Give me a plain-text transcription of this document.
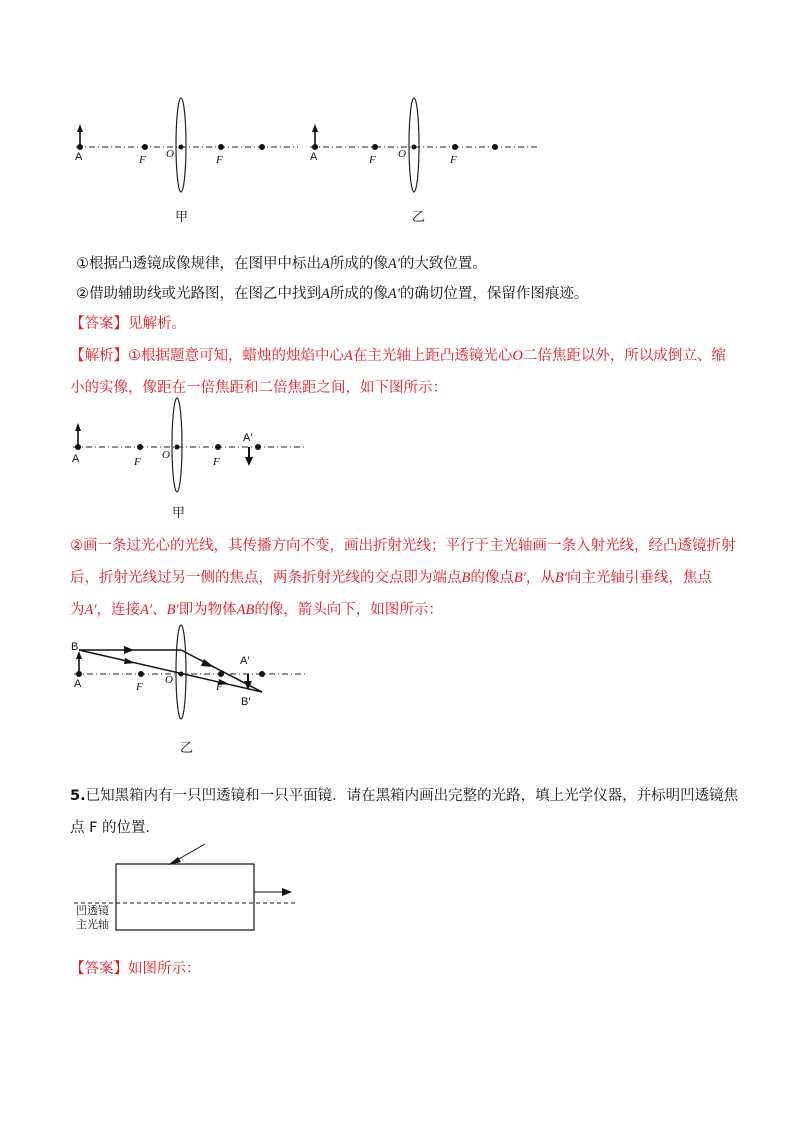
A	F O	F	A	F O	F
甲	乙
①根据凸透镜成像规律，在图甲中标出A所成的像A′的大致位置。
②借助辅助线或光路图，在图乙中找到A所成的像A′的确切位置，保留作图痕迹。
【答案】见解析。
【解析】①根据题意可知，蜡烛的烛焰中心A在主光轴上距凸透镜光心O二倍焦距以外，所以成倒立、缩
小的实像，像距在一倍焦距和二倍焦距之间，如下图所示：
A	F
O
F
A′
甲
②画一条过光心的光线，其传播方向不变，画出折射光线；平行于主光轴画一条入射光线，经凸透镜折射
后，折射光线过另一侧的焦点，两条折射光线的交点即为端点B的像点B′，从B′向主光轴引垂线，焦点
为A′，连接A′、B′即为物体AB的像，箭头向下，如图所示：
B
A	F
O
F
A′
B′
乙
5.已知黑箱内有一只凹透镜和一只平面镜．请在黑箱内画出完整的光路，填上光学仪器，并标明凹透镜焦
点 F 的位置．
凹透镜
主光轴
【答案】如图所示：
